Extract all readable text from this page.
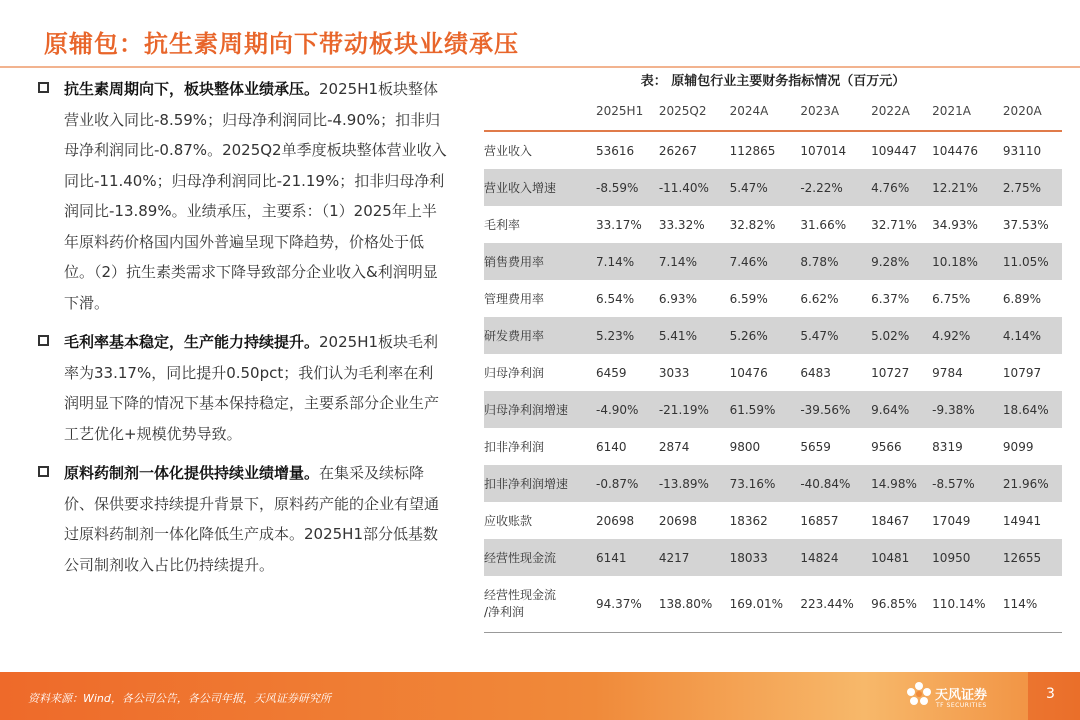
原辅包：抗生素周期向下带动板块业绩承压
抗生素周期向下，板块整体业绩承压。2025H1板块整体营业收入同比-8.59%；归母净利润同比-4.90%；扣非归母净利润同比-0.87%。2025Q2单季度板块整体营业收入同比-11.40%；归母净利润同比-21.19%；扣非归母净利润同比-13.89%。业绩承压，主要系：（1）2025年上半年原料药价格国内国外普遍呈现下降趋势，价格处于低位。（2）抗生素类需求下降导致部分企业收入&利润明显下滑。
毛利率基本稳定，生产能力持续提升。2025H1板块毛利率为33.17%，同比提升0.50pct；我们认为毛利率在利润明显下降的情况下基本保持稳定，主要系部分企业生产工艺优化+规模优势导致。
原料药制剂一体化提供持续业绩增量。在集采及续标降价、保供要求持续提升背景下，原料药产能的企业有望通过原料药制剂一体化降低生产成本。2025H1部分低基数公司制剂收入占比仍持续提升。
表： 原辅包行业主要财务指标情况（百万元）
	2025H1	2025Q2	2024A	2023A	2022A	2021A	2020A
营业收入	53616	26267	112865	107014	109447	104476	93110
营业收入增速	-8.59%	-11.40%	5.47%	-2.22%	4.76%	12.21%	2.75%
毛利率	33.17%	33.32%	32.82%	31.66%	32.71%	34.93%	37.53%
销售费用率	7.14%	7.14%	7.46%	8.78%	9.28%	10.18%	11.05%
管理费用率	6.54%	6.93%	6.59%	6.62%	6.37%	6.75%	6.89%
研发费用率	5.23%	5.41%	5.26%	5.47%	5.02%	4.92%	4.14%
归母净利润	6459	3033	10476	6483	10727	9784	10797
归母净利润增速	-4.90%	-21.19%	61.59%	-39.56%	9.64%	-9.38%	18.64%
扣非净利润	6140	2874	9800	5659	9566	8319	9099
扣非净利润增速	-0.87%	-13.89%	73.16%	-40.84%	14.98%	-8.57%	21.96%
应收账款	20698	20698	18362	16857	18467	17049	14941
经营性现金流	6141	4217	18033	14824	10481	10950	12655
经营性现金流
/净利润	94.37%	138.80%	169.01%	223.44%	96.85%	110.14%	114%
资料来源：Wind，各公司公告，各公司年报，天风证券研究所	天风证券
TF SECURITIES
3
